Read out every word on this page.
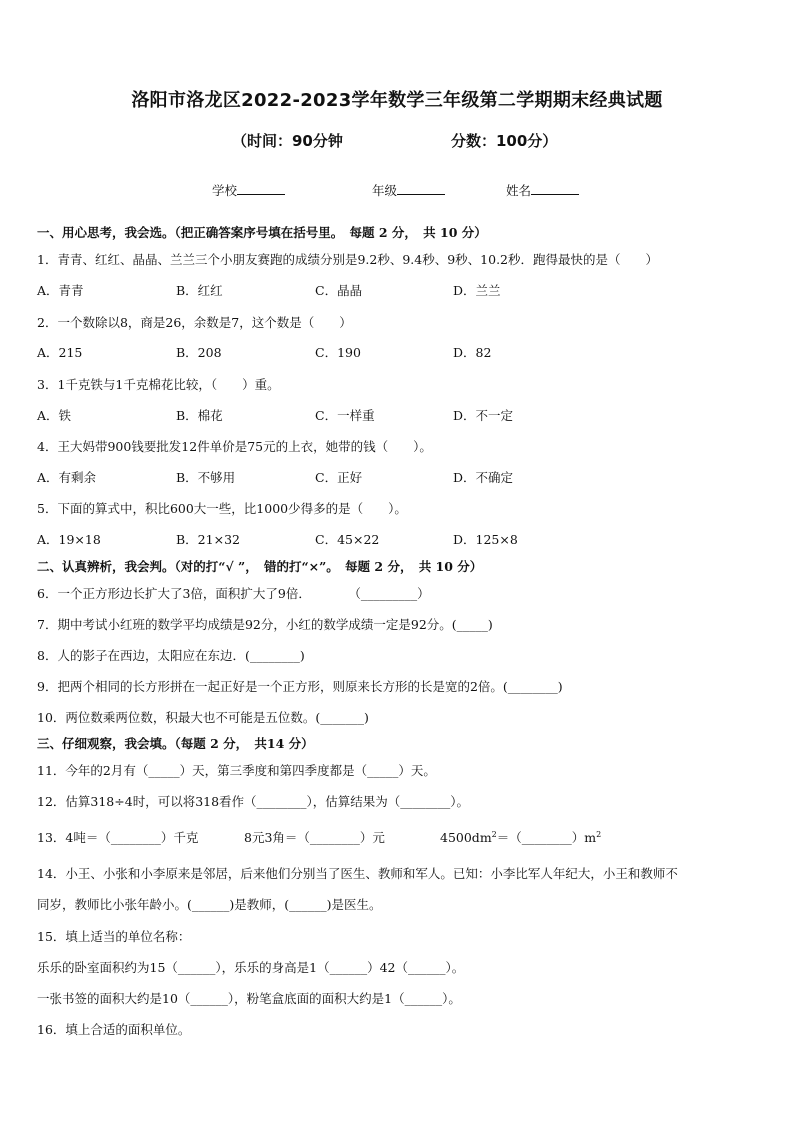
洛阳市洛龙区2022-2023学年数学三年级第二学期期末经典试题
（时间：90分钟	分数：100分）
学校	年级	姓名
一、用心思考，我会选。（把正确答案序号填在括号里。　每题 2 分，　共 10 分）
1．青青、红红、晶晶、兰兰三个小朋友赛跑的成绩分别是9.2秒、9.4秒、9秒、10.2秒．跑得最快的是（　　）
A．青青	B．红红	C．晶晶	D．兰兰
2．一个数除以8，商是26，余数是7，这个数是（　　）
A．215	B．208	C．190	D．82
3．1千克铁与1千克棉花比较，（　　）重。
A．铁	B．棉花	C．一样重	D．不一定
4．王大妈带900钱要批发12件单价是75元的上衣，她带的钱（　　）。
A．有剩余	B．不够用	C．正好	D．不确定
5．下面的算式中，积比600大一些，比1000少得多的是（　　）。
A．19×18	B．21×32	C．45×22	D．125×8
二、认真辨析，我会判。（对的打“√ ”，　错的打“×”。　每题 2 分，　共 10 分）
6．一个正方形边长扩大了3倍，面积扩大了9倍．　　　　（_________）
7．期中考试小红班的数学平均成绩是92分，小红的数学成绩一定是92分。(_____)
8．人的影子在西边，太阳应在东边．(________)
9．把两个相同的长方形拼在一起正好是一个正方形，则原来长方形的长是宽的2倍。(________)
10．两位数乘两位数，积最大也不可能是五位数。(_______)
三、仔细观察，我会填。（每题 2 分，　共14 分）
11．今年的2月有（_____）天，第三季度和第四季度都是（_____）天。
12．估算318÷4时，可以将318看作（________），估算结果为（________）。
13．4吨＝（________）千克	8元3角＝（________）元	$4500dm^2=(\_\_\_\_\_\_\_\_)m^2$
14．小王、小张和小李原来是邻居，后来他们分别当了医生、教师和军人。已知：小李比军人年纪大，小王和教师不
同岁，教师比小张年龄小。(______)是教师，(______)是医生。
15．填上适当的单位名称：
乐乐的卧室面积约为15（______），乐乐的身高是1（______）42（______）。
一张书签的面积大约是10（______），粉笔盒底面的面积大约是1（______）。
16．填上合适的面积单位。
